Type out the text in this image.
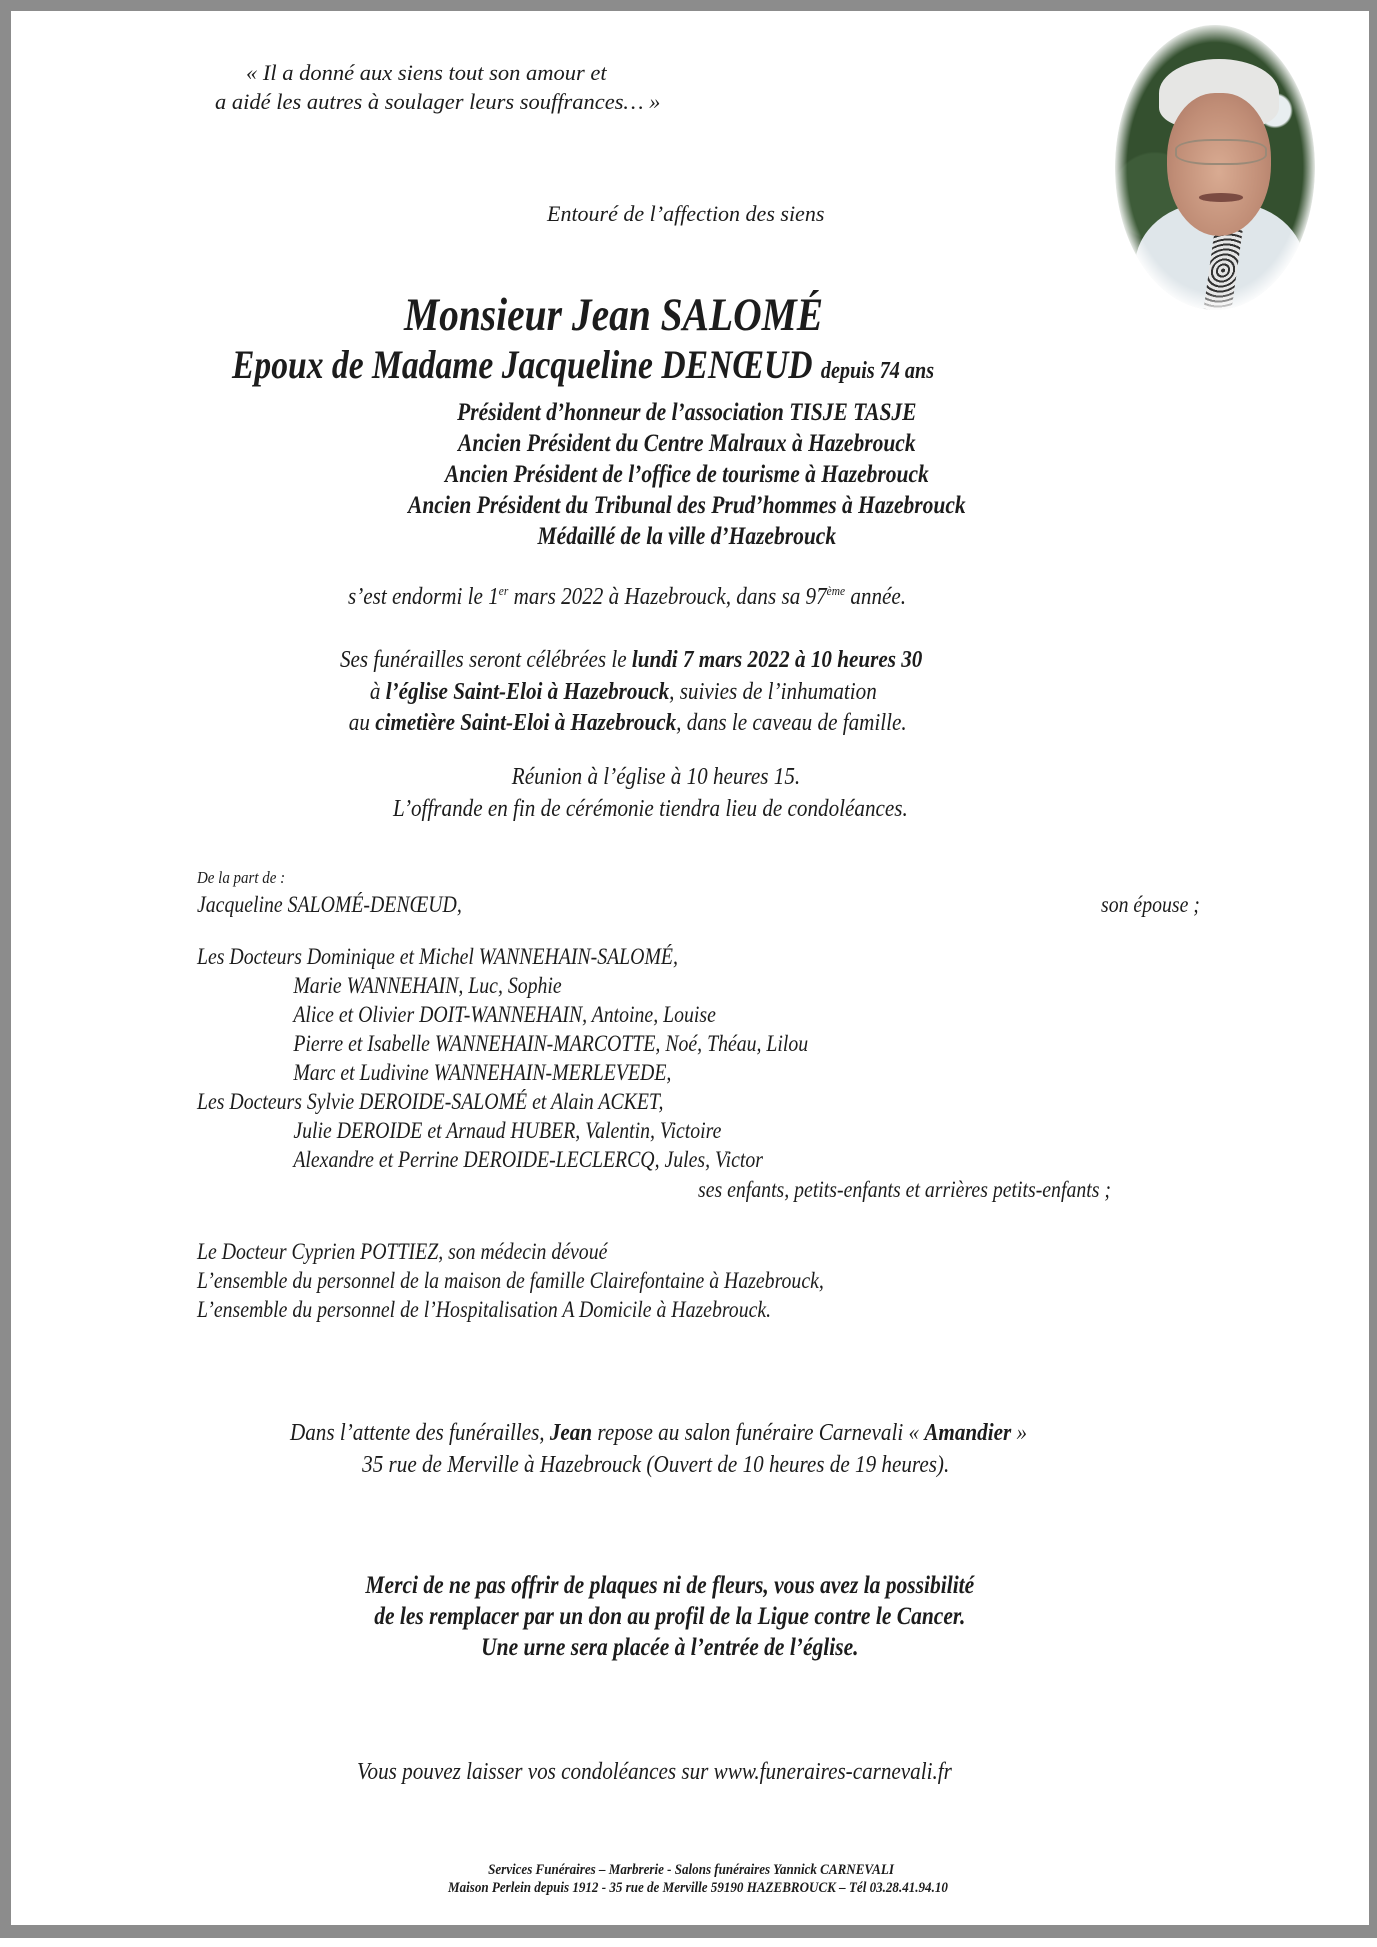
« Il a donné aux siens tout son amour et
a aidé les autres à soulager leurs souffrances… »
Entouré de l’affection des siens
Monsieur Jean SALOMÉ
Epoux de Madame Jacqueline DENŒUD depuis 74 ans
Président d’honneur de l’association TISJE TASJE
Ancien Président du Centre Malraux à Hazebrouck
Ancien Président de l’office de tourisme à Hazebrouck
Ancien Président du Tribunal des Prud’hommes à Hazebrouck
Médaillé de la ville d’Hazebrouck
s’est endormi le 1er mars 2022 à Hazebrouck, dans sa 97ème année.
Ses funérailles seront célébrées le lundi 7 mars 2022 à 10 heures 30
à l’église Saint-Eloi à Hazebrouck, suivies de l’inhumation
au cimetière Saint-Eloi à Hazebrouck, dans le caveau de famille.
Réunion à l’église à 10 heures 15.
L’offrande en fin de cérémonie tiendra lieu de condoléances.
De la part de :
Jacqueline SALOMÉ-DENŒUD,	son épouse ;
Les Docteurs Dominique et Michel WANNEHAIN-SALOMÉ,
Marie WANNEHAIN, Luc, Sophie
Alice et Olivier DOIT-WANNEHAIN, Antoine, Louise
Pierre et Isabelle WANNEHAIN-MARCOTTE, Noé, Théau, Lilou
Marc et Ludivine WANNEHAIN-MERLEVEDE,
Les Docteurs Sylvie DEROIDE-SALOMÉ et Alain ACKET,
Julie DEROIDE et Arnaud HUBER, Valentin, Victoire
Alexandre et Perrine DEROIDE-LECLERCQ, Jules, Victor
ses enfants, petits-enfants et arrières petits-enfants ;
Le Docteur Cyprien POTTIEZ, son médecin dévoué
L’ensemble du personnel de la maison de famille Clairefontaine à Hazebrouck,
L’ensemble du personnel de l’Hospitalisation A Domicile à Hazebrouck.
Dans l’attente des funérailles, Jean repose au salon funéraire Carnevali « Amandier »
35 rue de Merville à Hazebrouck (Ouvert de 10 heures de 19 heures).
Merci de ne pas offrir de plaques ni de fleurs, vous avez la possibilité
de les remplacer par un don au profil de la Ligue contre le Cancer.
Une urne sera placée à l’entrée de l’église.
Vous pouvez laisser vos condoléances sur www.funeraires-carnevali.fr
Services Funéraires – Marbrerie - Salons funéraires Yannick CARNEVALI
Maison Perlein depuis 1912 - 35 rue de Merville 59190 HAZEBROUCK – Tél 03.28.41.94.10
